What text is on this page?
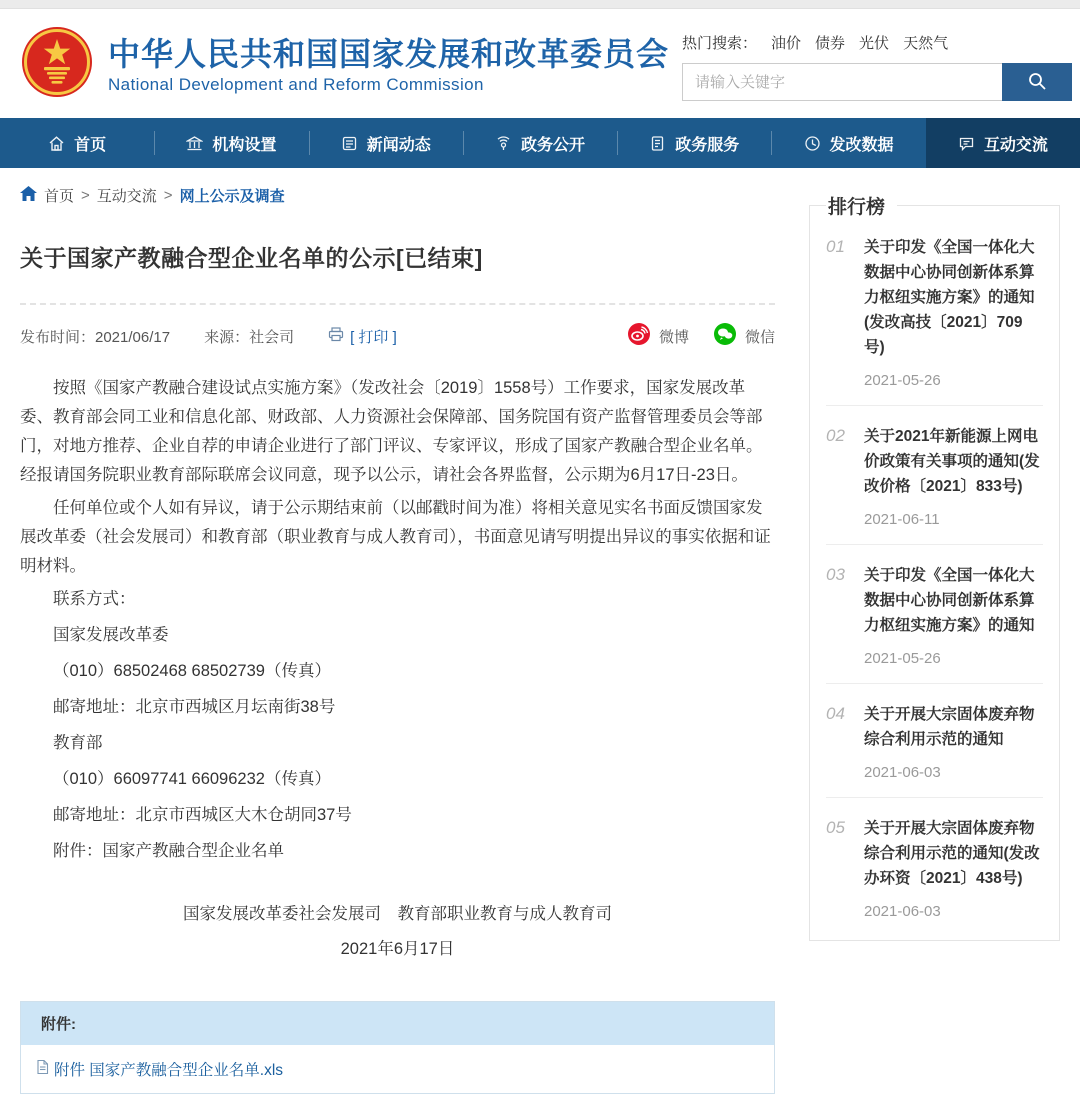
中华人民共和国国家发展和改革委员会
National Development and Reform Commission
热门搜索： 油价 债券 光伏 天然气
请输入关键字
首页	机构设置	新闻动态	政务公开	政务服务	发改数据	互动交流
首页 > 互动交流 > 网上公示及调查
关于国家产教融合型企业名单的公示[已结束]
发布时间：2021/06/17 来源：社会司	[ 打印 ]	微博	微信

按照《国家产教融合建设试点实施方案》（发改社会〔2019〕1558号）工作要求，国家发展改革委、教育部会同工业和信息化部、财政部、人力资源社会保障部、国务院国有资产监督管理委员会等部门，对地方推荐、企业自荐的申请企业进行了部门评议、专家评议，形成了国家产教融合型企业名单。经报请国务院职业教育部际联席会议同意，现予以公示，请社会各界监督，公示期为6月17日-23日。

任何单位或个人如有异议，请于公示期结束前（以邮戳时间为准）将相关意见实名书面反馈国家发展改革委（社会发展司）和教育部（职业教育与成人教育司），书面意见请写明提出异议的事实依据和证明材料。

联系方式：

国家发展改革委

（010）68502468 68502739（传真）

邮寄地址：北京市西城区月坛南街38号

教育部

（010）66097741 66096232（传真）

邮寄地址：北京市西城区大木仓胡同37号

附件：国家产教融合型企业名单

国家发展改革委社会发展司　教育部职业教育与成人教育司
2021年6月17日
附件:
附件 国家产教融合型企业名单.xls
排行榜
01	关于印发《全国一体化大数据中心协同创新体系算力枢纽实施方案》的通知(发改高技〔2021〕709号)
2021-05-26
02	关于2021年新能源上网电价政策有关事项的通知(发改价格〔2021〕833号)
2021-06-11
03	关于印发《全国一体化大数据中心协同创新体系算力枢纽实施方案》的通知
2021-05-26
04	关于开展大宗固体废弃物综合利用示范的通知
2021-06-03
05	关于开展大宗固体废弃物综合利用示范的通知(发改办环资〔2021〕438号)
2021-06-03
